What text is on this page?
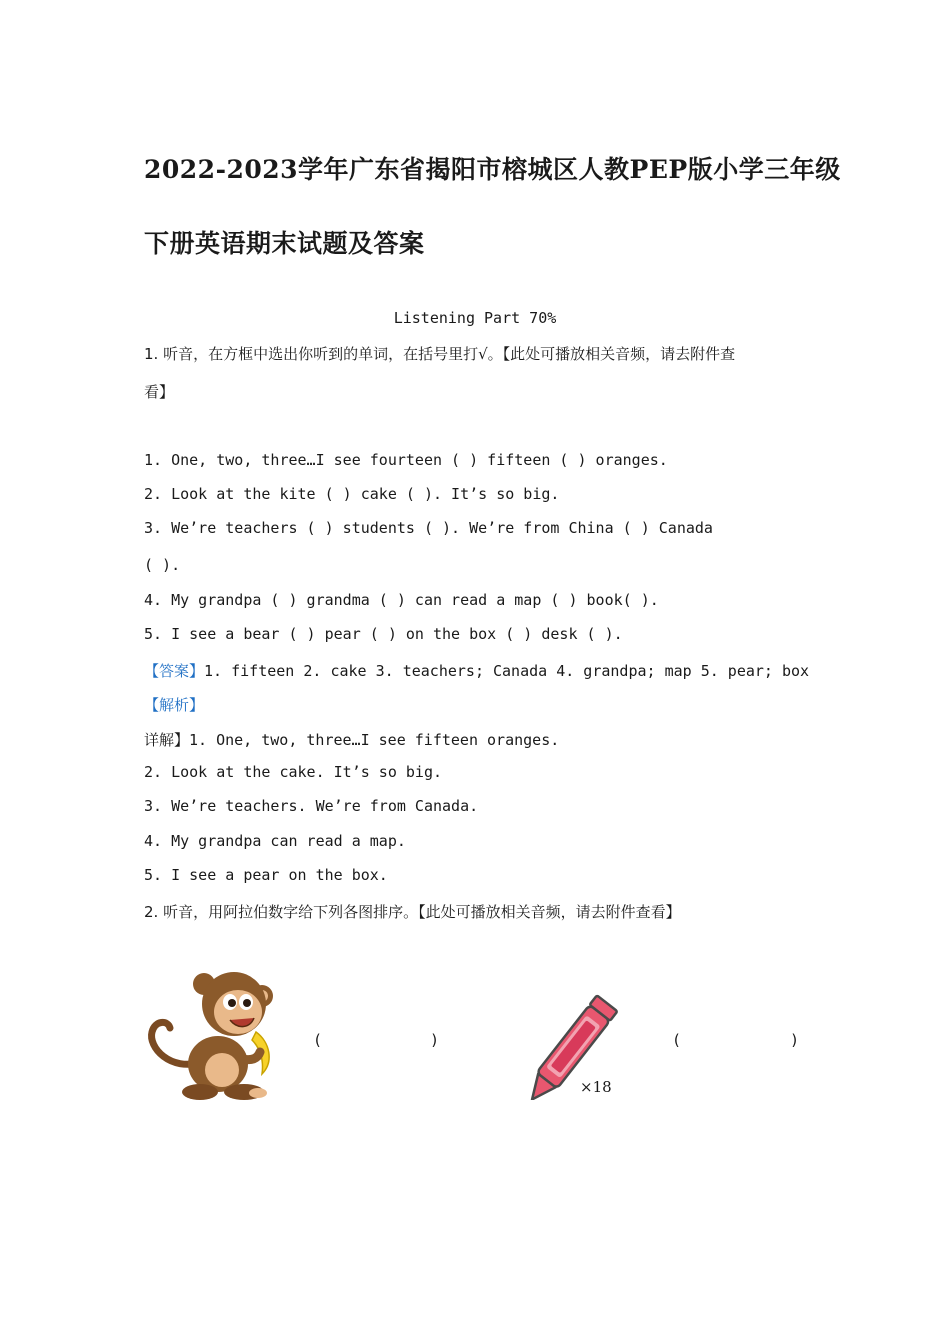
2022-2023学年广东省揭阳市榕城区人教PEP版小学三年级
下册英语期末试题及答案
Listening Part 70%
1. 听音，在方框中选出你听到的单词，在括号里打√。【此处可播放相关音频，请去附件查
看】
1. One, two, three…I see fourteen ( ) fifteen ( ) oranges.
2. Look at the kite ( ) cake ( ). It’s so big.
3. We’re teachers ( ) students ( ). We’re from China ( ) Canada
( ).
4. My grandpa ( ) grandma ( ) can read a map ( ) book( ).
5. I see a bear ( ) pear ( ) on the box ( ) desk ( ).
【答案】1. fifteen 2. cake 3. teachers; Canada 4. grandpa; map 5. pear; box
【解析】
详解】1. One, two, three…I see fifteen oranges.
2. Look at the cake. It’s so big.
3. We’re teachers. We’re from Canada.
4. My grandpa can read a map.
5. I see a pear on the box.
2. 听音，用阿拉伯数字给下列各图排序。【此处可播放相关音频，请去附件查看】
(	)
×18
(	)
